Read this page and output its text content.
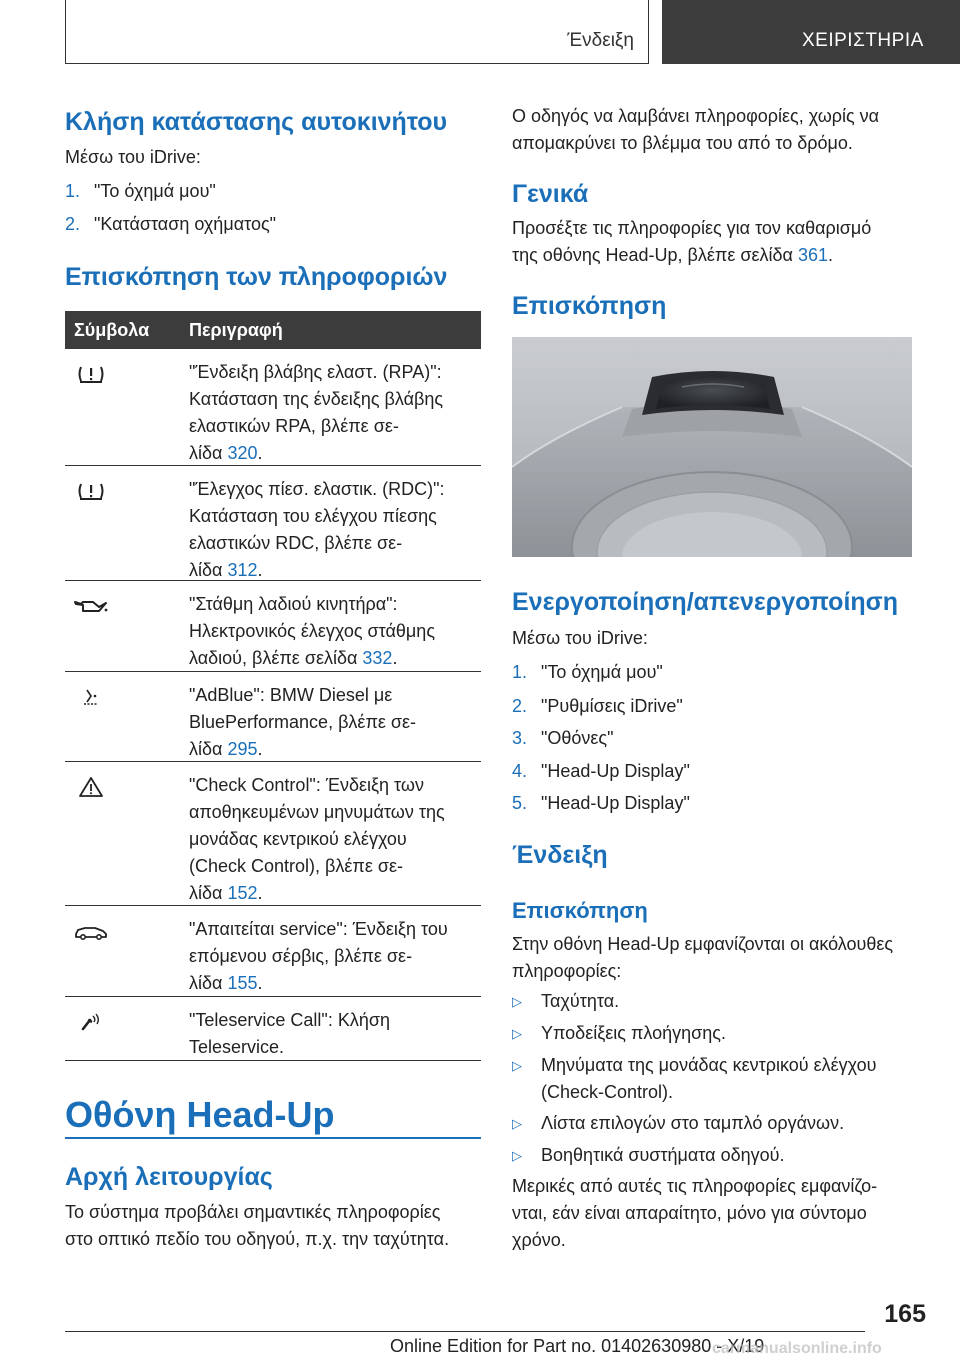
Ένδειξη	ΧΕΙΡΙΣΤΗΡΙΑ
Κλήση κατάστασης αυτοκινήτου
Μέσω του iDrive:
1. "Το όχημά μου"
2. "Κατάσταση οχήματος"
Επισκόπηση των πληροφοριών
Σύμβολα Περιγραφή
"Ένδειξη βλάβης ελαστ. (RPA)":
Κατάσταση της ένδειξης βλάβης
ελαστικών RPA, βλέπε σε-
λίδα 320.
"Έλεγχος πίεσ. ελαστικ. (RDC)":
Κατάσταση του ελέγχου πίεσης
ελαστικών RDC, βλέπε σε-
λίδα 312.
"Στάθμη λαδιού κινητήρα":
Ηλεκτρονικός έλεγχος στάθμης
λαδιού, βλέπε σελίδα 332.
"AdBlue": BMW Diesel με
BluePerformance, βλέπε σε-
λίδα 295.
"Check Control": Ένδειξη των
αποθηκευμένων μηνυμάτων της
μονάδας κεντρικού ελέγχου
(Check Control), βλέπε σε-
λίδα 152.
"Απαιτείται service": Ένδειξη του
επόμενου σέρβις, βλέπε σε-
λίδα 155.
"Teleservice Call": Κλήση
Teleservice.
Οθόνη Head-Up
Αρχή λειτουργίας
Το σύστημα προβάλει σημαντικές πληροφορίες
στο οπτικό πεδίο του οδηγού, π.χ. την ταχύτητα.
Ο οδηγός να λαμβάνει πληροφορίες, χωρίς να
απομακρύνει το βλέμμα του από το δρόμο.
Γενικά
Προσέξτε τις πληροφορίες για τον καθαρισμό
της οθόνης Head-Up, βλέπε σελίδα 361.
Επισκόπηση
Ενεργοποίηση/απενεργοποίηση
Μέσω του iDrive:
1. "Το όχημά μου"
2. "Ρυθμίσεις iDrive"
3. "Οθόνες"
4. "Head-Up Display"
5. "Head-Up Display"
Ένδειξη
Επισκόπηση
Στην οθόνη Head-Up εμφανίζονται οι ακόλουθες
πληροφορίες:
▷ Ταχύτητα.
▷ Υποδείξεις πλοήγησης.
▷ Μηνύματα της μονάδας κεντρικού ελέγχου
(Check-Control).
▷ Λίστα επιλογών στο ταμπλό οργάνων.
▷ Βοηθητικά συστήματα οδηγού.
Μερικές από αυτές τις πληροφορίες εμφανίζο-
νται, εάν είναι απαραίτητο, μόνο για σύντομο
χρόνο.
165
Online Edition for Part no. 01402630980 - X/19
carmanualsonline.info
